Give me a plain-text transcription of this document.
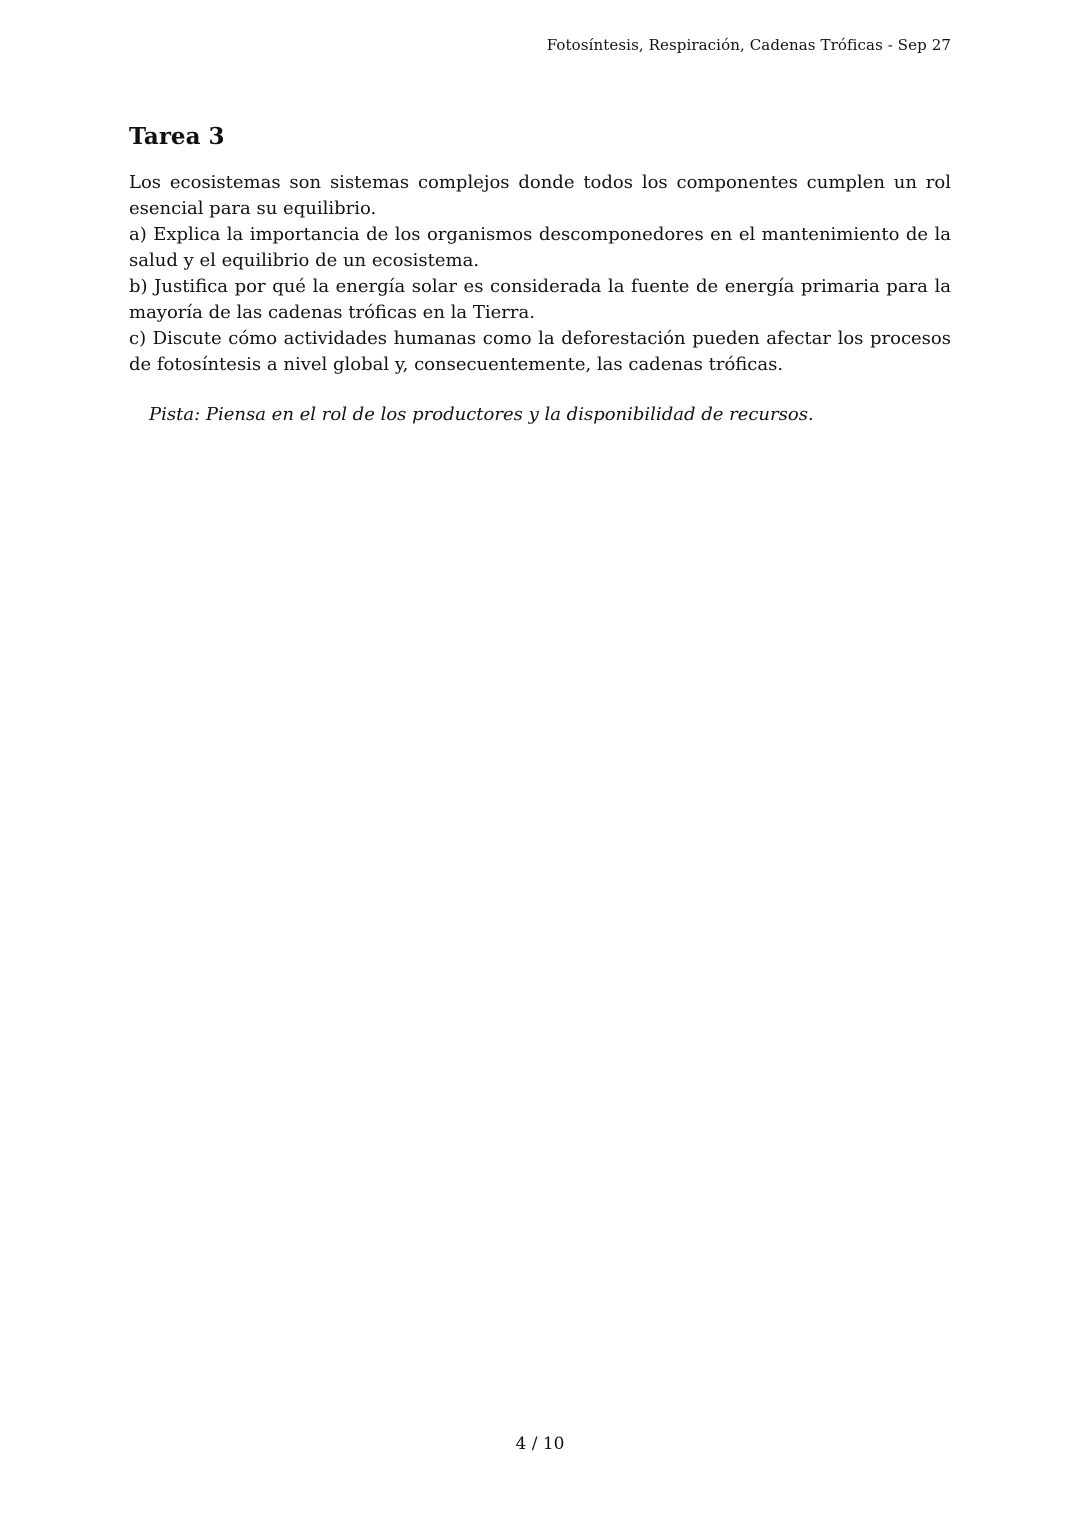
Fotosíntesis, Respiración, Cadenas Tróficas - Sep 27
Tarea 3

Los ecosistemas son sistemas complejos donde todos los componentes cumplen un rol esencial para su equilibrio.

a) Explica la importancia de los organismos descomponedores en el mantenimiento de la salud y el equilibrio de un ecosistema.

b) Justifica por qué la energía solar es considerada la fuente de energía primaria para la mayoría de las cadenas tróficas en la Tierra.

c) Discute cómo actividades humanas como la deforestación pueden afectar los procesos de fotosíntesis a nivel global y, consecuentemente, las cadenas tróficas.

Pista: Piensa en el rol de los productores y la disponibilidad de recursos.
4 / 10
